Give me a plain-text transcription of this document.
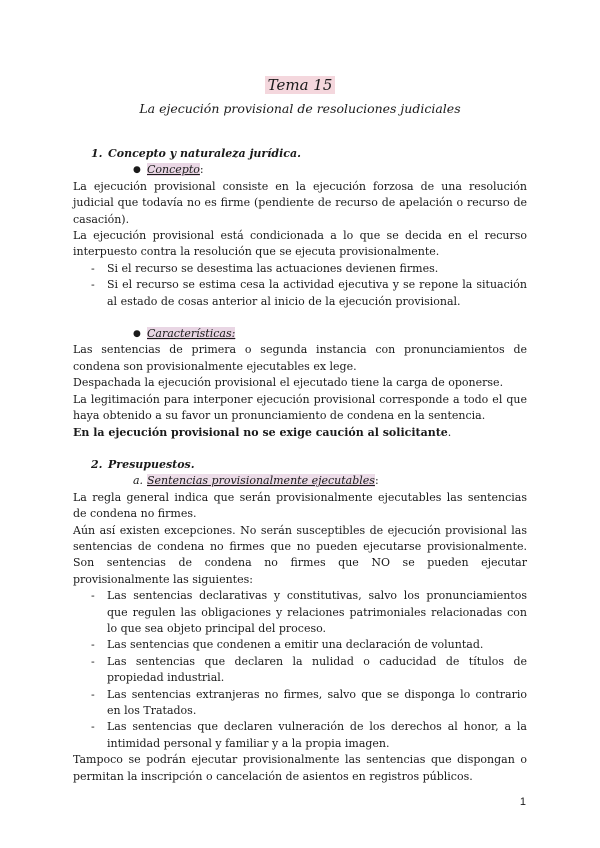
Tema 15
La ejecución provisional de resoluciones judiciales

1. Concepto y naturaleza jurídica.

● Concepto:

La ejecución provisional consiste en la ejecución forzosa de una resolución judicial que todavía no es firme (pendiente de recurso de apelación o recurso de casación).

La ejecución provisional está condicionada a lo que se decida en el recurso interpuesto contra la resolución que se ejecuta provisionalmente.

- Si el recurso se desestima las actuaciones devienen firmes.

- Si el recurso se estima cesa la actividad ejecutiva y se repone la situación al estado de cosas anterior al inicio de la ejecución provisional.

● Características:

Las sentencias de primera o segunda instancia con pronunciamientos de condena son provisionalmente ejecutables ex lege.

Despachada la ejecución provisional el ejecutado tiene la carga de oponerse.

La legitimación para interponer ejecución provisional corresponde a todo el que haya obtenido a su favor un pronunciamiento de condena en la sentencia.

En la ejecución provisional no se exige caución al solicitante.

2. Presupuestos.

a. Sentencias provisionalmente ejecutables:

La regla general indica que serán provisionalmente ejecutables las sentencias de condena no firmes.

Aún así existen excepciones. No serán susceptibles de ejecución provisional las sentencias de condena no firmes que no pueden ejecutarse provisionalmente. Son sentencias de condena no firmes que NO se pueden ejecutar provisionalmente las siguientes:

- Las sentencias declarativas y constitutivas, salvo los pronunciamientos que regulen las obligaciones y relaciones patrimoniales relacionadas con lo que sea objeto principal del proceso.

- Las sentencias que condenen a emitir una declaración de voluntad.

- Las sentencias que declaren la nulidad o caducidad de títulos de propiedad industrial.

- Las sentencias extranjeras no firmes, salvo que se disponga lo contrario en los Tratados.

- Las sentencias que declaren vulneración de los derechos al honor, a la intimidad personal y familiar y a la propia imagen.

Tampoco se podrán ejecutar provisionalmente las sentencias que dispongan o permitan la inscripción o cancelación de asientos en registros públicos.

1
